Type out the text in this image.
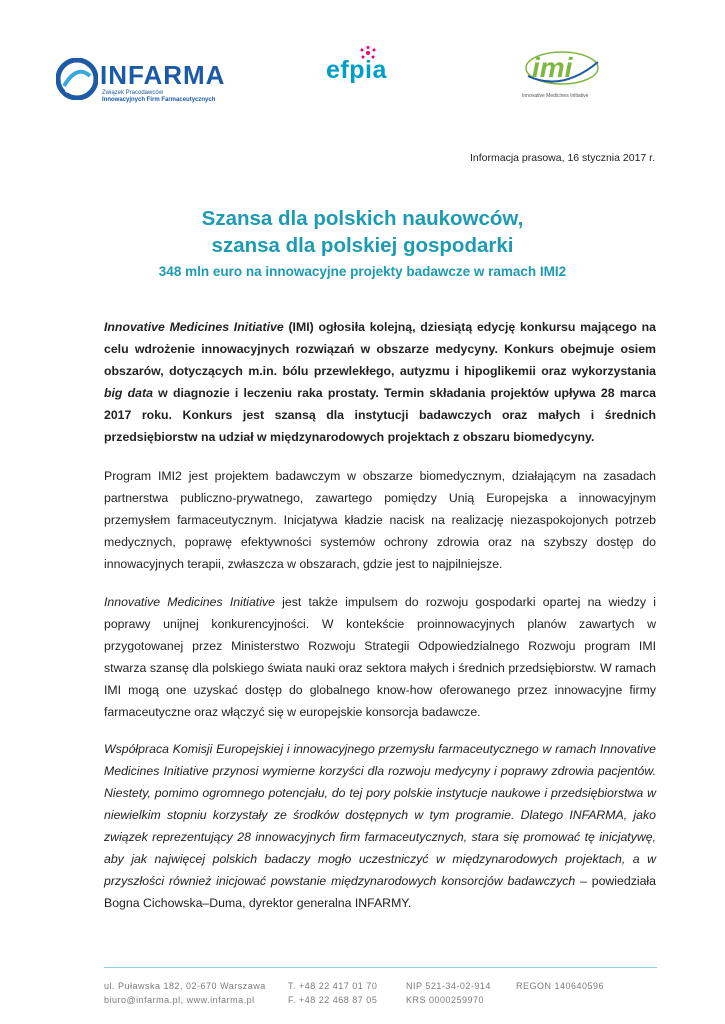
INFARMA
Związek Pracodawców
Innowacyjnych Firm Farmaceutycznych
efpia	imi
Innovative Medicines Initiative
Informacja prasowa, 16 stycznia 2017 r.
Szansa dla polskich naukowców,
szansa dla polskiej gospodarki
348 mln euro na innowacyjne projekty badawcze w ramach IMI2
Innovative Medicines Initiative (IMI) ogłosiła kolejną, dziesiątą edycję konkursu mającego na celu wdrożenie innowacyjnych rozwiązań w obszarze medycyny. Konkurs obejmuje osiem obszarów, dotyczących m.in. bólu przewlekłego, autyzmu i hipoglikemii oraz wykorzystania big data w diagnozie i leczeniu raka prostaty. Termin składania projektów upływa 28 marca 2017 roku. Konkurs jest szansą dla instytucji badawczych oraz małych i średnich przedsiębiorstw na udział w międzynarodowych projektach z obszaru biomedycyny.
Program IMI2 jest projektem badawczym w obszarze biomedycznym, działającym na zasadach partnerstwa publiczno-prywatnego, zawartego pomiędzy Unią Europejska a innowacyjnym przemysłem farmaceutycznym. Inicjatywa kładzie nacisk na realizację niezaspokojonych potrzeb medycznych, poprawę efektywności systemów ochrony zdrowia oraz na szybszy dostęp do innowacyjnych terapii, zwłaszcza w obszarach, gdzie jest to najpilniejsze.
Innovative Medicines Initiative jest także impulsem do rozwoju gospodarki opartej na wiedzy i poprawy unijnej konkurencyjności. W kontekście proinnowacyjnych planów zawartych w przygotowanej przez Ministerstwo Rozwoju Strategii Odpowiedzialnego Rozwoju program IMI stwarza szansę dla polskiego świata nauki oraz sektora małych i średnich przedsiębiorstw. W ramach IMI mogą one uzyskać dostęp do globalnego know-how oferowanego przez innowacyjne firmy farmaceutyczne oraz włączyć się w europejskie konsorcja badawcze.
Współpraca Komisji Europejskiej i innowacyjnego przemysłu farmaceutycznego w ramach Innovative Medicines Initiative przynosi wymierne korzyści dla rozwoju medycyny i poprawy zdrowia pacjentów. Niestety, pomimo ogromnego potencjału, do tej pory polskie instytucje naukowe i przedsiębiorstwa w niewielkim stopniu korzystały ze środków dostępnych w tym programie. Dlatego INFARMA, jako związek reprezentujący 28 innowacyjnych firm farmaceutycznych, stara się promować tę inicjatywę, aby jak najwięcej polskich badaczy mogło uczestniczyć w międzynarodowych projektach, a w przyszłości również inicjować powstanie międzynarodowych konsorcjów badawczych – powiedziała Bogna Cichowska–Duma, dyrektor generalna INFARMY.
ul. Puławska 182, 02-670 Warszawa
biuro@infarma.pl, www.infarma.pl
T. +48 22 417 01 70
F. +48 22 468 87 05
NIP 521-34-02-914
KRS 0000259970
REGON 140640596
